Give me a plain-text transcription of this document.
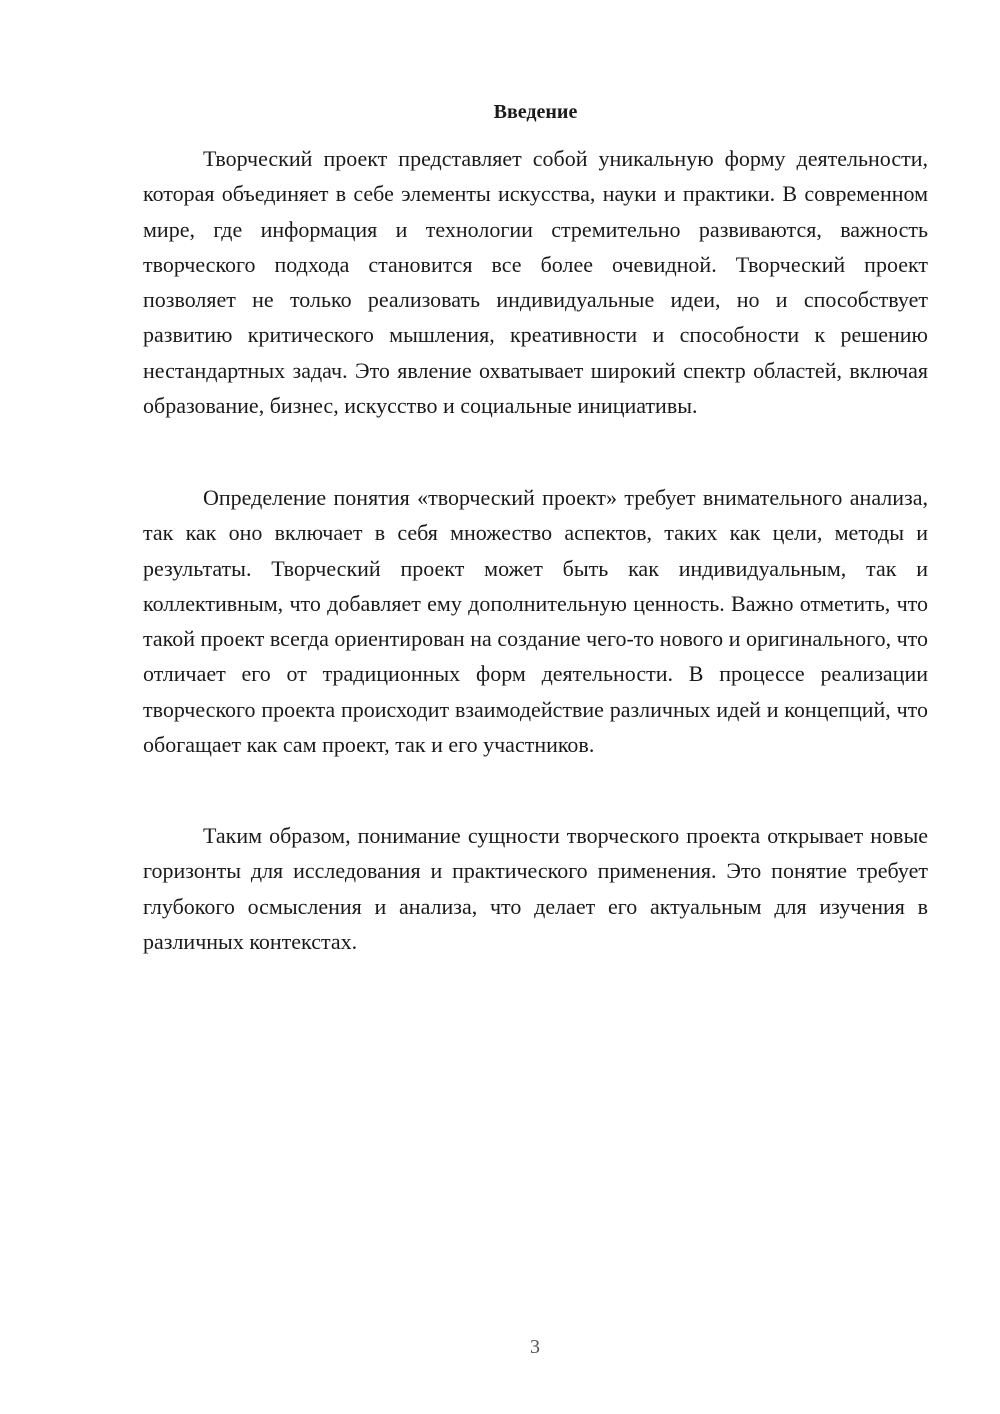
Введение

Творческий проект представляет собой уникальную форму деятельности, которая объединяет в себе элементы искусства, науки и практики. В современном мире, где информация и технологии стремительно развиваются, важность творческого подхода становится все более очевидной. Творческий проект позволяет не только реализовать индивидуальные идеи, но и способствует развитию критического мышления, креативности и способности к решению нестандартных задач. Это явление охватывает широкий спектр областей, включая образование, бизнес, искусство и социальные инициативы.

Определение понятия «творческий проект» требует внимательного анализа, так как оно включает в себя множество аспектов, таких как цели, методы и результаты. Творческий проект может быть как индивидуальным, так и коллективным, что добавляет ему дополнительную ценность. Важно отметить, что такой проект всегда ориентирован на создание чего-то нового и оригинального, что отличает его от традиционных форм деятельности. В процессе реализации творческого проекта происходит взаимодействие различных идей и концепций, что обогащает как сам проект, так и его участников.

Таким образом, понимание сущности творческого проекта открывает новые горизонты для исследования и практического применения. Это понятие требует глубокого осмысления и анализа, что делает его актуальным для изучения в различных контекстах.

3
